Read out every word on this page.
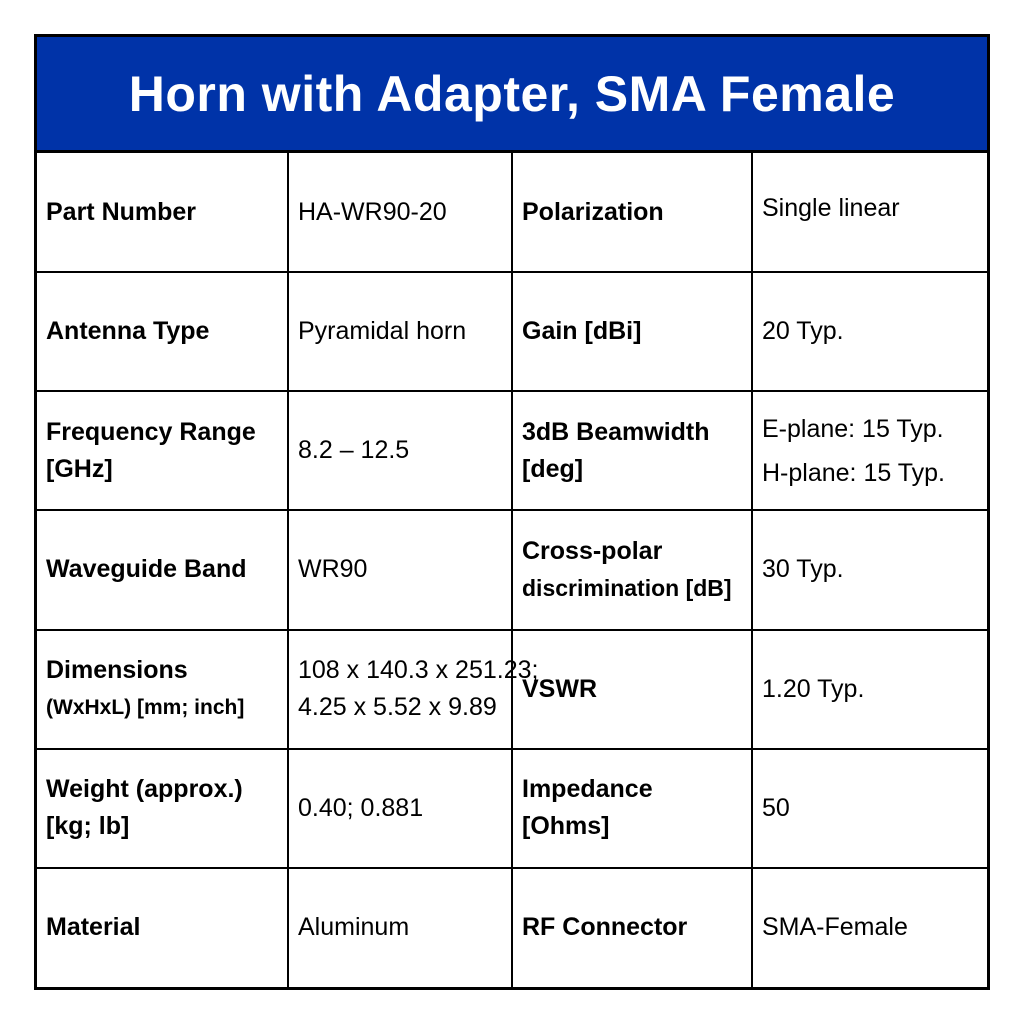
Horn with Adapter, SMA Female
Part Number	HA-WR90-20	Polarization	Single linear

Antenna Type	Pyramidal horn	Gain [dBi]	20 Typ.

Frequency Range
[GHz]	8.2 – 12.5	3dB Beamwidth
[deg]	E-plane: 15 Typ.
H-plane: 15 Typ.

Waveguide Band	WR90	Cross-polar
discrimination [dB]	30 Typ.

Dimensions
(WxHxL) [mm; inch]	108 x 140.3 x 251.23;
4.25 x 5.52 x 9.89	VSWR	1.20 Typ.

Weight (approx.)
[kg; lb]	0.40; 0.881	Impedance
[Ohms]	50

Material	Aluminum	RF Connector	SMA-Female
